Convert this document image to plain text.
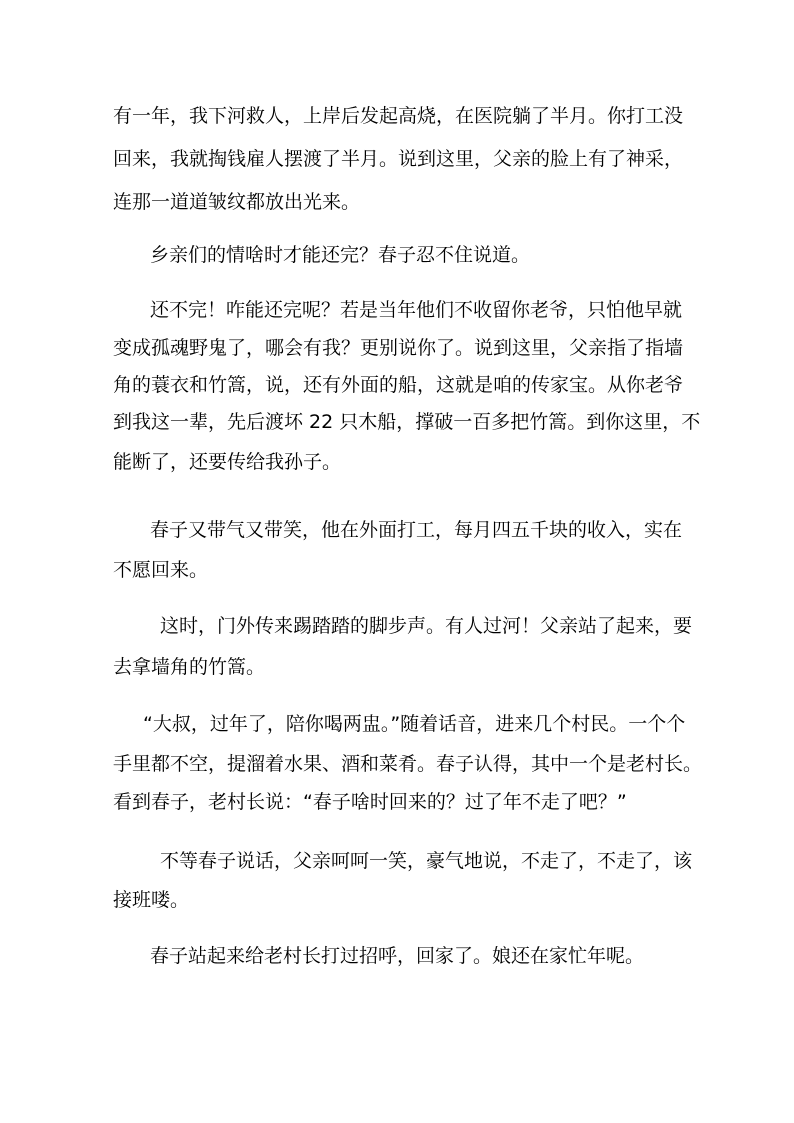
有一年，我下河救人，上岸后发起高烧，在医院躺了半月。你打工没
回来，我就掏钱雇人摆渡了半月。说到这里，父亲的脸上有了神采，
连那一道道皱纹都放出光来。
乡亲们的情啥时才能还完？春子忍不住说道。
还不完！咋能还完呢？若是当年他们不收留你老爷，只怕他早就
变成孤魂野鬼了，哪会有我？更别说你了。说到这里，父亲指了指墙
角的蓑衣和竹篙，说，还有外面的船，这就是咱的传家宝。从你老爷
到我这一辈，先后渡坏 22 只木船，撑破一百多把竹篙。到你这里，不
能断了，还要传给我孙子。
春子又带气又带笑，他在外面打工，每月四五千块的收入，实在
不愿回来。
这时，门外传来踢踏踏的脚步声。有人过河！父亲站了起来，要
去拿墙角的竹篙。
“大叔，过年了，陪你喝两盅。”随着话音，进来几个村民。一个个
手里都不空，提溜着水果、酒和菜肴。春子认得，其中一个是老村长。
看到春子，老村长说：“春子啥时回来的？过了年不走了吧？”
不等春子说话，父亲呵呵一笑，豪气地说，不走了，不走了，该
接班喽。
春子站起来给老村长打过招呼，回家了。娘还在家忙年呢。
